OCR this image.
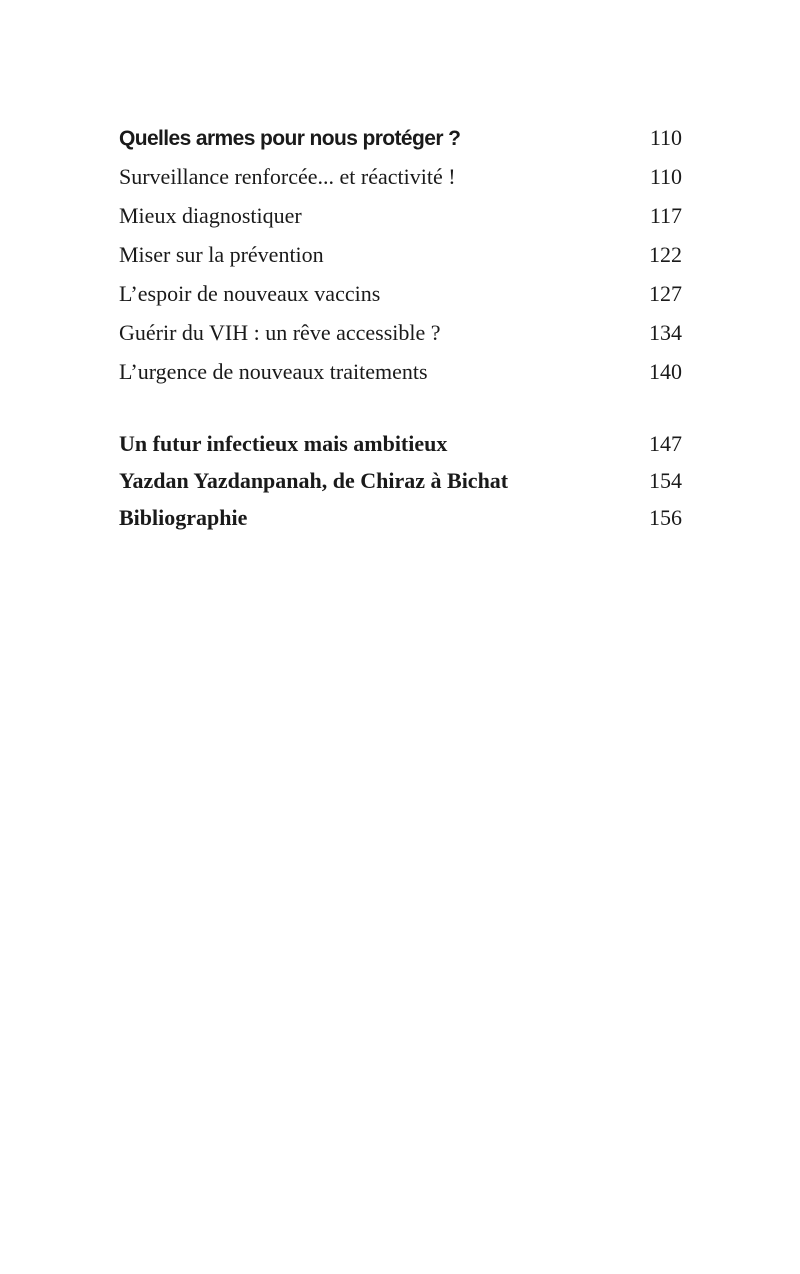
Quelles armes pour nous protéger ?	110
Surveillance renforcée... et réactivité !	110
Mieux diagnostiquer	117
Miser sur la prévention	122
L’espoir de nouveaux vaccins	127
Guérir du VIH : un rêve accessible ?	134
L’urgence de nouveaux traitements	140
Un futur infectieux mais ambitieux	147
Yazdan Yazdanpanah, de Chiraz à Bichat	154
Bibliographie	156
